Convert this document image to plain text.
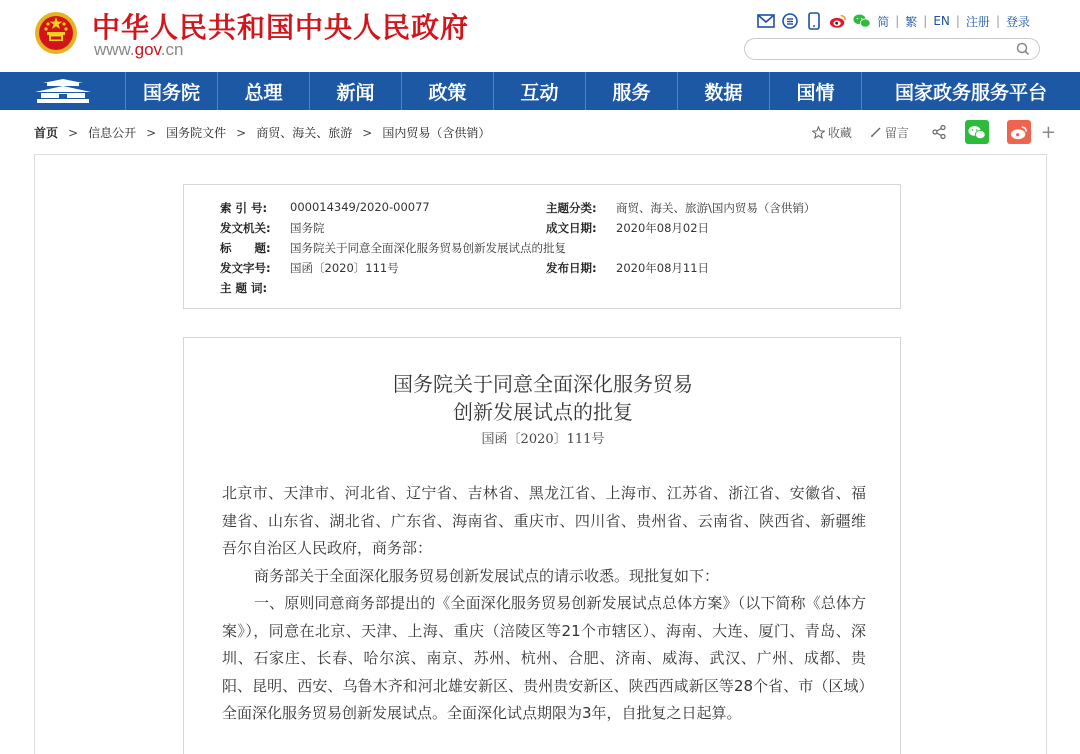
中华人民共和国中央人民政府
www.gov.cn
简 | 繁 | EN | 注册 | 登录
国务院	总理	新闻	政策	互动	服务	数据	国情	国家政务服务平台
首页 > 信息公开 > 国务院文件 > 商贸、海关、旅游 > 国内贸易（含供销）	收藏	留言	+
索 引 号:	000014349/2020-00077	主题分类:	商贸、海关、旅游\国内贸易（含供销）
发文机关:	国务院	成文日期:	2020年08月02日
标　　题:	国务院关于同意全面深化服务贸易创新发展试点的批复
发文字号:	国函〔2020〕111号	发布日期:	2020年08月11日
主 题 词:
国务院关于同意全面深化服务贸易
创新发展试点的批复
国函〔2020〕111号

北京市、天津市、河北省、辽宁省、吉林省、黑龙江省、上海市、江苏省、浙江省、安徽省、福建省、山东省、湖北省、广东省、海南省、重庆市、四川省、贵州省、云南省、陕西省、新疆维吾尔自治区人民政府，商务部：

商务部关于全面深化服务贸易创新发展试点的请示收悉。现批复如下：

一、原则同意商务部提出的《全面深化服务贸易创新发展试点总体方案》（以下简称《总体方案》），同意在北京、天津、上海、重庆（涪陵区等21个市辖区）、海南、大连、厦门、青岛、深圳、石家庄、长春、哈尔滨、南京、苏州、杭州、合肥、济南、威海、武汉、广州、成都、贵阳、昆明、西安、乌鲁木齐和河北雄安新区、贵州贵安新区、陕西西咸新区等28个省、市（区域）全面深化服务贸易创新发展试点。全面深化试点期限为3年，自批复之日起算。
